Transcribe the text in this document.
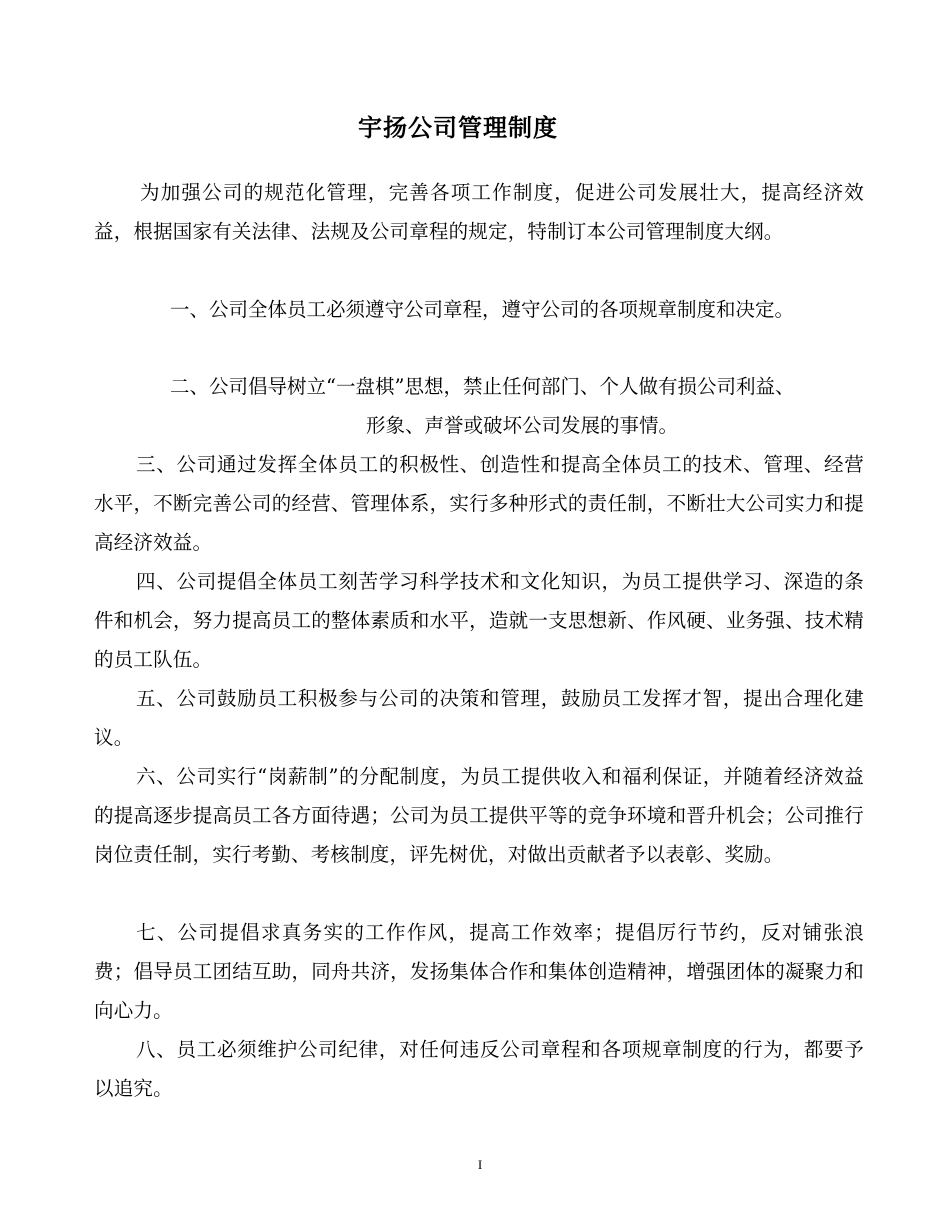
宇扬公司管理制度

为加强公司的规范化管理，完善各项工作制度，促进公司发展壮大，提高经济效益，根据国家有关法律、法规及公司章程的规定，特制订本公司管理制度大纲。

一、公司全体员工必须遵守公司章程，遵守公司的各项规章制度和决定。

二、公司倡导树立“一盘棋”思想，禁止任何部门、个人做有损公司利益、

形象、声誉或破坏公司发展的事情。

三、公司通过发挥全体员工的积极性、创造性和提高全体员工的技术、管理、经营水平，不断完善公司的经营、管理体系，实行多种形式的责任制，不断壮大公司实力和提高经济效益。

四、公司提倡全体员工刻苦学习科学技术和文化知识，为员工提供学习、深造的条件和机会，努力提高员工的整体素质和水平，造就一支思想新、作风硬、业务强、技术精的员工队伍。

五、公司鼓励员工积极参与公司的决策和管理，鼓励员工发挥才智，提出合理化建议。

六、公司实行“岗薪制”的分配制度，为员工提供收入和福利保证，并随着经济效益的提高逐步提高员工各方面待遇；公司为员工提供平等的竞争环境和晋升机会；公司推行岗位责任制，实行考勤、考核制度，评先树优，对做出贡献者予以表彰、奖励。

七、公司提倡求真务实的工作作风，提高工作效率；提倡厉行节约，反对铺张浪费；倡导员工团结互助，同舟共济，发扬集体合作和集体创造精神，增强团体的凝聚力和向心力。

八、员工必须维护公司纪律，对任何违反公司章程和各项规章制度的行为，都要予以追究。

I
